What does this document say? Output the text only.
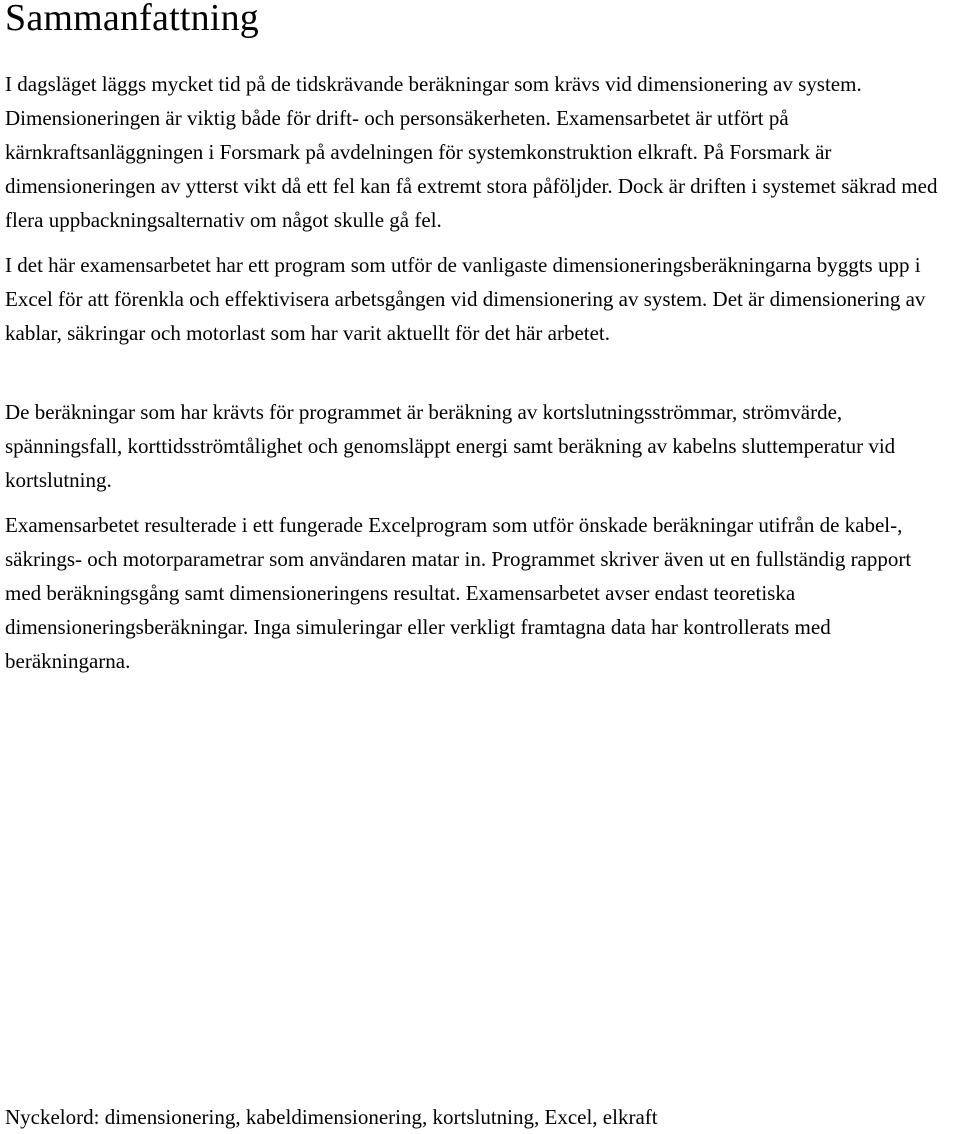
Sammanfattning

I dagsläget läggs mycket tid på de tidskrävande beräkningar som krävs vid dimensionering av system. Dimensioneringen är viktig både för drift- och personsäkerheten. Examensarbetet är utfört på kärnkraftsanläggningen i Forsmark på avdelningen för systemkonstruktion elkraft. På Forsmark är dimensioneringen av ytterst vikt då ett fel kan få extremt stora påföljder. Dock är driften i systemet säkrad med flera uppbackningsalternativ om något skulle gå fel.

I det här examensarbetet har ett program som utför de vanligaste dimensioneringsberäkningarna byggts upp i Excel för att förenkla och effektivisera arbetsgången vid dimensionering av system. Det är dimensionering av kablar, säkringar och motorlast som har varit aktuellt för det här arbetet.

De beräkningar som har krävts för programmet är beräkning av kortslutningsströmmar, strömvärde, spänningsfall, korttidsströmtålighet och genomsläppt energi samt beräkning av kabelns sluttemperatur vid kortslutning.

Examensarbetet resulterade i ett fungerade Excelprogram som utför önskade beräkningar utifrån de kabel-, säkrings- och motorparametrar som användaren matar in. Programmet skriver även ut en fullständig rapport med beräkningsgång samt dimensioneringens resultat. Examensarbetet avser endast teoretiska dimensioneringsberäkningar. Inga simuleringar eller verkligt framtagna data har kontrollerats med beräkningarna.

Nyckelord: dimensionering, kabeldimensionering, kortslutning, Excel, elkraft
